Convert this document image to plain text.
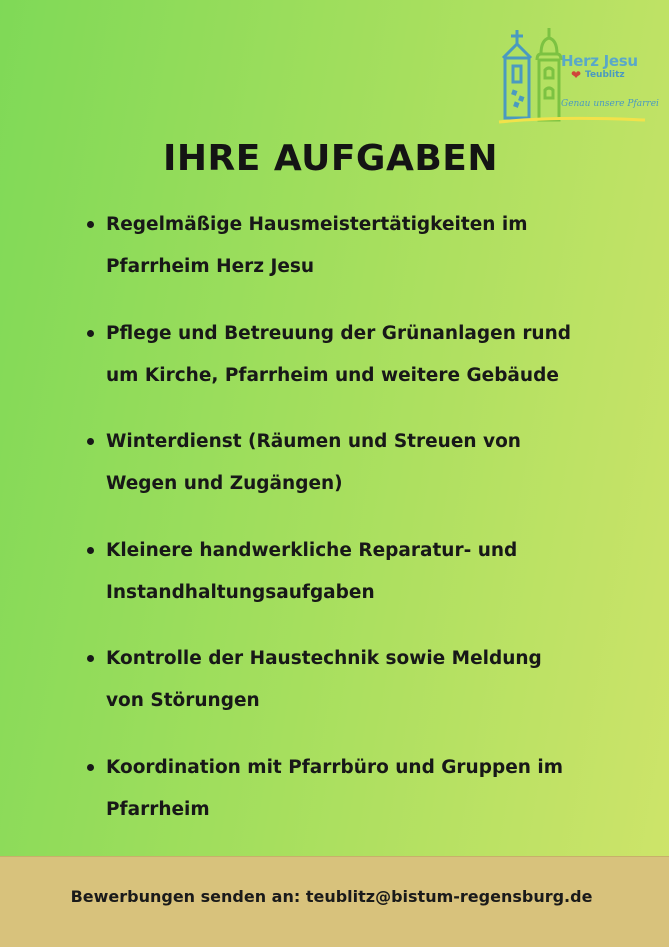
Herz Jesu
❤ Teublitz
Genau unsere Pfarrei
IHRE AUFGABEN
Regelmäßige Hausmeistertätigkeiten im
Pfarrheim Herz Jesu
Pflege und Betreuung der Grünanlagen rund
um Kirche, Pfarrheim und weitere Gebäude
Winterdienst (Räumen und Streuen von
Wegen und Zugängen)
Kleinere handwerkliche Reparatur- und
Instandhaltungsaufgaben
Kontrolle der Haustechnik sowie Meldung
von Störungen
Koordination mit Pfarrbüro und Gruppen im
Pfarrheim
Bewerbungen senden an: teublitz@bistum-regensburg.de
